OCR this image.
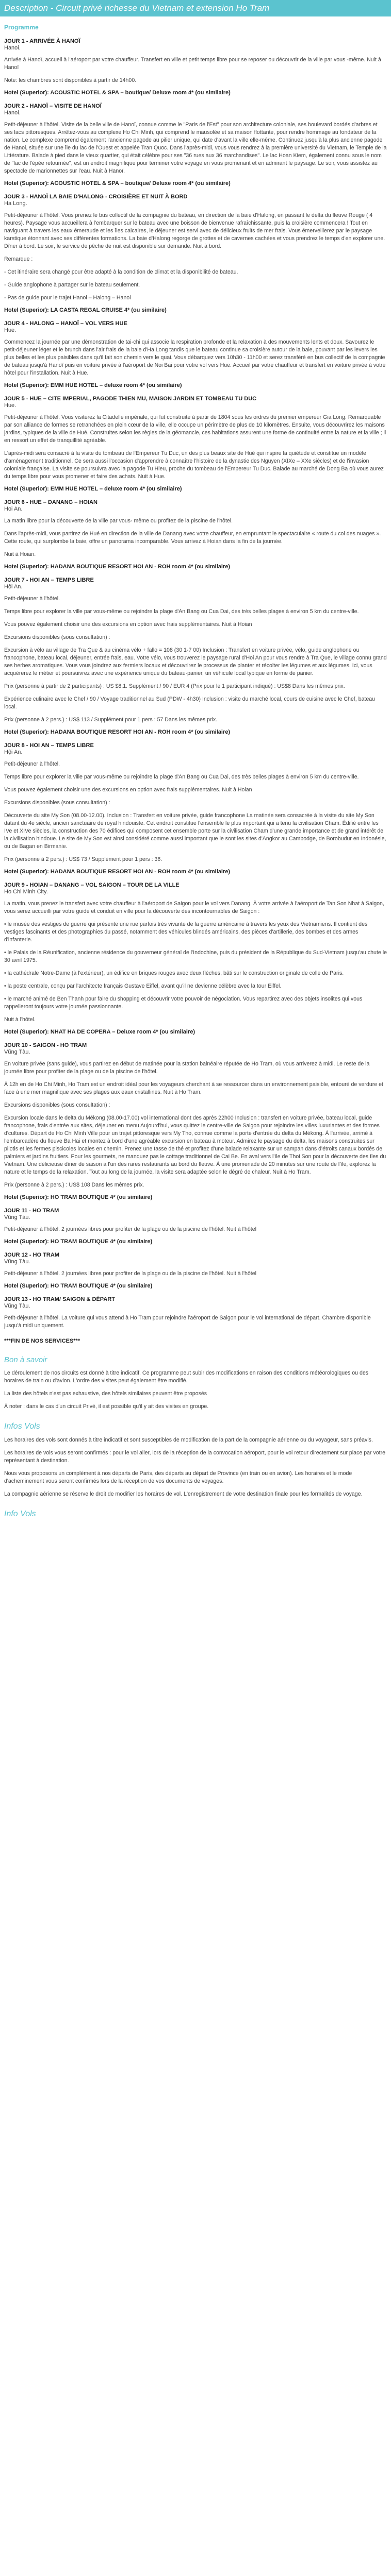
Description - Circuit privé richesse du Vietnam et extension Ho Tram
Programme
JOUR 1 - ARRIVÉE À HANOÏ
Hanoi.

Arrivée à Hanoï, accueil à l'aéroport par votre chauffeur. Transfert en ville et petit temps libre pour se reposer ou découvrir de la ville par vous -même. Nuit à Hanoï

Note: les chambres sont disponibles à partir de 14h00.

Hotel (Superior): ACOUSTIC HOTEL & SPA – boutique/ Deluxe room 4* (ou similaire)
JOUR 2 - HANOÏ – VISITE DE HANOÏ
Hanoi.

Petit-déjeuner à l'hôtel. Visite de la belle ville de Hanoï, connue comme le "Paris de l'Est" pour son architecture coloniale, ses boulevard bordés d'arbres et ses lacs pittoresques. Arrêtez-vous au complexe Ho Chi Minh, qui comprend le mausolée et sa maison flottante, pour rendre hommage au fondateur de la nation. Le complexe comprend également l'ancienne pagode au pilier unique, qui date d'avant la ville elle-même. Continuez jusqu'à la plus ancienne pagode de Hanoi, située sur une île du lac de l'Ouest et appelée Tran Quoc. Dans l'après-midi, vous vous rendrez à la première université du Vietnam, le Temple de la Littérature. Balade à pied dans le vieux quartier, qui était célèbre pour ses "36 rues aux 36 marchandises". Le lac Hoan Kiem, également connu sous le nom de "lac de l'épée retournée", est un endroit magnifique pour terminer votre voyage en vous promenant et en admirant le paysage. Le soir, vous assistez au spectacle de marionnettes sur l'eau. Nuit à Hanoï.

Hotel (Superior): ACOUSTIC HOTEL & SPA – boutique/ Deluxe room 4* (ou similaire)
JOUR 3 - HANOÏ LA BAIE D'HALONG - CROISIÈRE ET NUIT À BORD
Ha Long.

Petit-déjeuner à l'hôtel. Vous prenez le bus collectif de la compagnie du bateau, en direction de la baie d'Halong, en passant le delta du fleuve Rouge ( 4 heures). Paysage vous accueillera à l'embarquer sur le bateau avec une boisson de bienvenue rafraîchissante, puis la croisière commencera ! Tout en naviguant à travers les eaux émeraude et les îles calcaires, le déjeuner est servi avec de délicieux fruits de mer frais. Vous émerveillerez par le paysage karstique étonnant avec ses différentes formations. La baie d'Halong regorge de grottes et de cavernes cachées et vous prendrez le temps d'en explorer une. Dîner à bord. Le soir, le service de pêche de nuit est disponible sur demande. Nuit à bord.

Remarque :

- Cet itinéraire sera changé pour être adapté à la condition de climat et la disponibilité de bateau.

- Guide anglophone à partager sur le bateau seulement.

- Pas de guide pour le trajet Hanoi – Halong – Hanoi

Hotel (Superior): LA CASTA REGAL CRUISE 4* (ou similaire)
JOUR 4 - HALONG – HANOÏ – VOL VERS HUE
Hue.

Commencez la journée par une démonstration de tai-chi qui associe la respiration profonde et la relaxation à des mouvements lents et doux. Savourez le petit-déjeuner léger et le brunch dans l'air frais de la baie d'Ha Long tandis que le bateau continue sa croisière autour de la baie, pouvant par les levers les plus belles et les plus paisibles dans qu'il fait son chemin vers le quai. Vous débarquez vers 10h30 - 11h00 et serez transféré en bus collectif de la compagnie de bateau jusqu'à Hanoï puis en voiture privée à l'aéroport de Noi Bai pour votre vol vers Hue. Accueil par votre chauffeur et transfert en voiture privée à votre hôtel pour l'installation. Nuit à Hue.

Hotel (Superior): EMM HUE HOTEL – deluxe room 4* (ou similaire)
JOUR 5 - HUE – CITE IMPERIAL, PAGODE THIEN MU, MAISON JARDIN ET TOMBEAU TU DUC
Hue.

Petit-déjeuner à l'hôtel. Vous visiterez la Citadelle impériale, qui fut construite à partir de 1804 sous les ordres du premier empereur Gia Long. Remarquable par son alliance de formes se retranchées en plein cœur de la ville, elle occupe un périmètre de plus de 10 kilomètres. Ensuite, vous découvrirez les maisons jardins, typiques de la ville de Hué. Construites selon les règles de la géomancie, ces habitations assurent une forme de continuité entre la nature et la ville ; il en ressort un effet de tranquillité agréable.

L'après-midi sera consacré à la visite du tombeau de l'Empereur Tu Duc, un des plus beaux site de Hué qui inspire la quiétude et constitue un modèle d'aménagement traditionnel. Ce sera aussi l'occasion d'apprendre à connaître l'histoire de la dynastie des Nguyen (XIXe – XXe siècles) et de l'invasion coloniale française. La visite se poursuivra avec la pagode Tu Hieu, proche du tombeau de l'Empereur Tu Duc. Balade au marché de Dong Ba où vous aurez du temps libre pour vous promener et faire des achats. Nuit à Hue.

Hotel (Superior): EMM HUE HOTEL – deluxe room 4* (ou similaire)
JOUR 6 - HUE – DANANG – HOIAN
Hoi An.

La matin libre pour la découverte de la ville par vous- même ou profitez de la piscine de l'hôtel.

Dans l'après-midi, vous partirez de Hué en direction de la ville de Danang avec votre chauffeur, en empruntant le spectaculaire « route du col des nuages ». Cette route, qui surplombe la baie, offre un panorama incomparable. Vous arrivez à Hoian dans la fin de la journée.

Nuit à Hoian.

Hotel (Superior): HADANA BOUTIQUE RESORT HOI AN - ROH room 4* (ou similaire)
JOUR 7 - HOI AN – TEMPS LIBRE
Hội An.

Petit-déjeuner à l'hôtel.

Temps libre pour explorer la ville par vous-même ou rejoindre la plage d'An Bang ou Cua Dai, des très belles plages à environ 5 km du centre-ville.

Vous pouvez également choisir une des excursions en option avec frais supplémentaires. Nuit à Hoian

Excursions disponibles (sous consultation) :

Excursion à vélo au village de Tra Que & au cinéma vélo + fallo = 108 (30 1-7 00) Inclusion : Transfert en voiture privée, vélo, guide anglophone ou francophone, bateau local, déjeuner, entrée frais, eau. Votre vélo, vous trouverez le paysage rural d'Hoi An pour vous rendre à Tra Que, le village connu grand ses herbes aromatiques. Vous vous joindrez aux fermiers locaux et découvrirez le processus de planter et récolter les légumes et aux légumes. Ici, vous acquérerez le métier et poursuivrez avec une expérience unique du bateau-panier, un véhicule local typique en forme de panier.

Prix (personne à partir de 2 participants) : US $8.1. Supplément / 90 / EUR 4 (Prix pour le 1 participant indiqué) : US$8 Dans les mêmes prix.

Expérience culinaire avec le Chef / 90 / Voyage traditionnel au Sud (PDW - 4h30) Inclusion : visite du marché local, cours de cuisine avec le Chef, bateau local.

Prix (personne à 2 pers.) : US$ 113 / Supplément pour 1 pers : 57 Dans les mêmes prix.

Hotel (Superior): HADANA BOUTIQUE RESORT HOI AN - ROH room 4* (ou similaire)
JOUR 8 - HOI AN – TEMPS LIBRE
Hội An.

Petit-déjeuner à l'hôtel.

Temps libre pour explorer la ville par vous-même ou rejoindre la plage d'An Bang ou Cua Dai, des très belles plages à environ 5 km du centre-ville.

Vous pouvez également choisir une des excursions en option avec frais supplémentaires. Nuit à Hoian

Excursions disponibles (sous consultation) :

Découverte du site My Son (08.00-12.00). Inclusion : Transfert en voiture privée, guide francophone La matinée sera consacrée à la visite du site My Son datant du 4e siècle, ancien sanctuaire de royal hindouiste. Cet endroit constitue l'ensemble le plus important qui a tenu la civilisation Cham. Édifié entre les IVe et XIVe siècles, la construction des 70 édifices qui composent cet ensemble porte sur la civilisation Cham d'une grande importance et de grand intérêt de la civilisation hindoue. Le site de My Son est ainsi considéré comme aussi important que le sont les sites d'Angkor au Cambodge, de Borobudur en Indonésie, ou de Bagan en Birmanie.

Prix (personne à 2 pers.) : US$ 73 / Supplément pour 1 pers : 36.

Hotel (Superior): HADANA BOUTIQUE RESORT HOI AN - ROH room 4* (ou similaire)
JOUR 9 - HOIAN – DANANG – VOL SAIGON – TOUR DE LA VILLE
Ho Chi Minh City.

La matin, vous prenez le transfert avec votre chauffeur à l'aéroport de Saigon pour le vol vers Danang. À votre arrivée à l'aéroport de Tan Son Nhat à Saigon, vous serez accueilli par votre guide et conduit en ville pour la découverte des incontournables de Saigon :

• le musée des vestiges de guerre qui présente une rue parfois très vivante de la guerre américaine à travers les yeux des Vietnamiens. Il contient des vestiges fascinants et des photographies du passé, notamment des véhicules blindés américains, des pièces d'artillerie, des bombes et des armes d'infanterie.

• le Palais de la Réunification, ancienne résidence du gouverneur général de l'Indochine, puis du président de la République du Sud-Vietnam jusqu'au chute le 30 avril 1975.

• la cathédrale Notre-Dame (à l'extérieur), un édifice en briques rouges avec deux flèches, bâti sur le construction originale de colle de Paris.

• la poste centrale, conçu par l'architecte français Gustave Eiffel, avant qu'il ne devienne célèbre avec la tour Eiffel.

• le marché animé de Ben Thanh pour faire du shopping et découvrir votre pouvoir de négociation. Vous repartirez avec des objets insolites qui vous rappelleront toujours votre journée passionnante.

Nuit à l'hôtel.

Hotel (Superior): NHAT HA DE COPERA – Deluxe room 4* (ou similaire)
JOUR 10 - SAIGON - HO TRAM
Vũng Tàu.

En voiture privée (sans guide), vous partirez en début de matinée pour la station balnéaire réputée de Ho Tram, où vous arriverez à midi. Le reste de la journée libre pour profiter de la plage ou de la piscine de l'hôtel.

À 12h en de Ho Chi Minh, Ho Tram est un endroit idéal pour les voyageurs cherchant à se ressourcer dans un environnement paisible, entouré de verdure et face à une mer magnifique avec ses plages aux eaux cristallines. Nuit à Ho Tram.

Excursions disponibles (sous consultation) :

Excursion locale dans le delta du Mékong (08.00-17.00) vol international dont des après 22h00 Inclusion : transfert en voiture privée, bateau local, guide francophone, frais d'entrée aux sites, déjeuner en menu Aujourd'hui, vous quittez le centre-ville de Saigon pour rejoindre les villes luxuriantes et des formes d'cultures. Départ de Ho Chi Minh Ville pour un trajet pittoresque vers My Tho, connue comme la porte d'entrée du delta du Mékong. À l'arrivée, arrimé à l'embarcadère du fleuve Ba Hai et montez à bord d'une agréable excursion en bateau à moteur. Admirez le paysage du delta, les maisons construites sur pilotis et les fermes piscicoles locales en chemin. Prenez une tasse de thé et profitez d'une balade relaxante sur un sampan dans d'étroits canaux bordés de palmiers et jardins fruitiers. Pour les gourmets, ne manquez pas le cottage traditionnel de Cai Be. En aval vers l'Ile de Thoi Son pour la découverte des îles du Vietnam. Une délicieuse dîner de saison à l'un des rares restaurants au bord du fleuve. À une promenade de 20 minutes sur une route de l'île, explorez la nature et le temps de la relaxation. Tout au long de la journée, la visite sera adaptée selon le dégré de chaleur. Nuit à Ho Tram.

Prix (personne à 2 pers.) : US$ 108 Dans les mêmes prix.

Hotel (Superior): HO TRAM BOUTIQUE 4* (ou similaire)
JOUR 11 - HO TRAM
Vũng Tàu.

Petit-déjeuner à l'hôtel. 2 journées libres pour profiter de la plage ou de la piscine de l'hôtel. Nuit à l'hôtel

Hotel (Superior): HO TRAM BOUTIQUE 4* (ou similaire)
JOUR 12 - HO TRAM
Vũng Tàu.

Petit-déjeuner à l'hôtel. 2 journées libres pour profiter de la plage ou de la piscine de l'hôtel. Nuit à l'hôtel

Hotel (Superior): HO TRAM BOUTIQUE 4* (ou similaire)
JOUR 13 - HO TRAM/ SAIGON & DÉPART
Vũng Tàu.

Petit-déjeuner à l'hôtel. La voiture qui vous attend à Ho Tram pour rejoindre l'aéroport de Saigon pour le vol international de départ. Chambre disponible jusqu'à midi uniquement.

***FIN DE NOS SERVICES***
Bon à savoir

Le déroulement de nos circuits est donné à titre indicatif. Ce programme peut subir des modifications en raison des conditions météorologiques ou des horaires de train ou d'avion. L'ordre des visites peut également être modifié.

La liste des hôtels n'est pas exhaustive, des hôtels similaires peuvent être proposés

À noter : dans le cas d'un circuit Privé, il est possible qu'il y ait des visites en groupe.

Infos Vols

Les horaires des vols sont donnés à titre indicatif et sont susceptibles de modification de la part de la compagnie aérienne ou du voyageur, sans préavis.

Les horaires de vols vous seront confirmés : pour le vol aller, lors de la réception de la convocation aéroport, pour le vol retour directement sur place par votre représentant à destination.

Nous vous proposons un complément à nos départs de Paris, des départs au départ de Province (en train ou en avion). Les horaires et le mode d'acheminement vous seront confirmés lors de la réception de vos documents de voyages.

La compagnie aérienne se réserve le droit de modifier les horaires de vol. L'enregistrement de votre destination finale pour les formalités de voyage.

Info Vols
